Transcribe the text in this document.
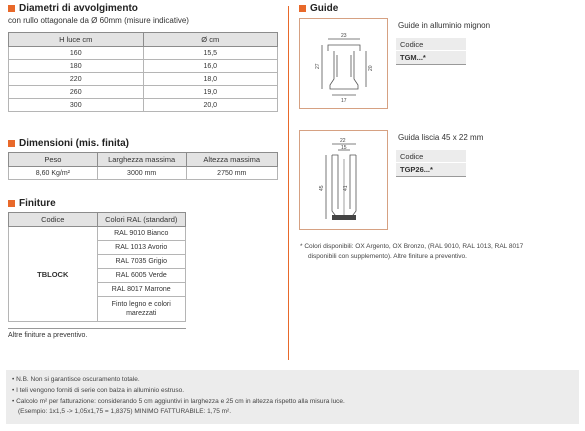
Diametri di avvolgimento
con rullo ottagonale da Ø 60mm (misure indicative)
H luce cm	Ø cm
160	15,5
180	16,0
220	18,0
260	19,0
300	20,0
Dimensioni (mis. finita)
Peso	Larghezza massima	Altezza massima
8,60 Kg/m²	3000 mm	2750 mm
Finiture
Codice	Colori RAL (standard)
TBLOCK	RAL 9010 Bianco
	RAL 1013 Avorio
	RAL 7035 Grigio
	RAL 6005 Verde
	RAL 8017 Marrone
	Finto legno e colori marezzati
Altre finiture a preventivo.
Guide
23
27	20
17
Guide in alluminio mignon
Codice
TGM...*
22
15
45	41
Guida liscia 45 x 22 mm
Codice
TGP26...*
* Colori disponibili: OX Argento, OX Bronzo, (RAL 9010, RAL 1013, RAL 8017
disponibili con supplemento). Altre finiture a preventivo.
• N.B. Non si garantisce oscuramento totale.
• I teli vengono forniti di serie con balza in alluminio estruso.
• Calcolo m² per fatturazione: considerando 5 cm aggiuntivi in larghezza e 25 cm in altezza rispetto alla misura luce.
(Esempio: 1x1,5 -> 1,05x1,75 = 1,8375) MINIMO FATTURABILE: 1,75 m².
